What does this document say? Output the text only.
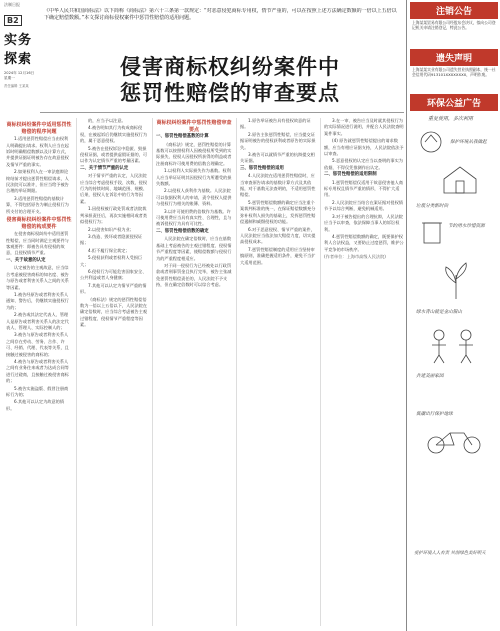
法制日报
B2
实务
探索
2024年 12月16日
星期一
责任编辑 王某某
《中华人民共和国商标法》以下简称《商标法》第六十三条第一款规定：“对恶意侵犯商标专用权，情节严重的，可以在按照上述方法确定数额的一倍以上五倍以下确定赔偿数额。”本文探讨商标侵权案件中惩罚性赔偿的适用问题。
侵害商标权纠纷案件中
惩罚性赔偿的审查要点
商标权纠纷案件中适用惩罚性赔偿的程序问题

1.适用惩罚性赔偿应当由权利人明确提出请求。权利人应当在起诉时明确赔偿数额以及计算方式，并提供证据证明被告存在故意侵权及情节严重的事实。

2.如果权利人在一审法庭辩论终结前才提出惩罚性赔偿请求，人民法院可以准许，但应当给予被告合理的举证期限。

3.适用惩罚性赔偿的基数计算，不得包括原告为制止侵权行为所支付的合理开支。

侵害商标权纠纷案件中惩罚性赔偿的构成要件

在侵害商标权纠纷中适用惩罚性赔偿，应当同时满足主观要件与客观要件：即被告具有侵权的故意，且侵权情节严重。

一、关于故意的认定

认定被告的主观故意，应当综合考虑被侵害商标的知名度、被告与原告或者利害关系人之间的关系等因素。

1.被告经原告或者利害关系人通知、警告后，仍继续实施侵权行为的；

2.被告或其法定代表人、管理人是原告或者利害关系人的法定代表人、管理人、实际控制人的；

3.被告与原告或者利害关系人之间存在劳动、劳务、合作、许可、经销、代理、代表等关系，且接触过被侵害的商标的；

4.被告与原告或者利害关系人之间有业务往来或者为达成合同等进行过磋商，且接触过被侵害商标的；

5.被告实施盗版、假冒注册商标行为的；

6.其他可以认定为故意的情形。

的，应当予以注意。

4.被告明知其行为构成商标侵权，在被起诉后仍继续实施侵权行为的，属于恶意侵权。

5.被告在侵权诉讼中隐匿、毁损侵权证据，或者提供虚假证据的，可以作为认定情节严重的考量因素。

二、关于情节严重的认定

对于情节严重的认定，人民法院应当综合考虑侵权手段、次数，侵权行为的持续时间、地域范围、规模、后果，侵权人在诉讼中的行为等因素。

1.因侵权被行政处罚或者法院裁判承担责任后，再次实施相同或者类似侵权行为；

2.以侵害知识产权为业；

3.伪造、毁坏或者隐匿侵权证据；

4.拒不履行保全裁定；

5.侵权获利或者权利人受损巨大；

6.侵权行为可能危害国家安全、公共利益或者人身健康；

7.其他可以认定为情节严重的情形。

《商标法》规定的惩罚性赔偿倍数为一倍以上五倍以下，人民法院在确定倍数时，应当综合考虑被告主观过错程度、侵权情节严重程度等因素。

商标权纠纷案件中惩罚性赔偿审查要点
一、惩罚性赔偿基数的计算

《商标法》规定，惩罚性赔偿的计算基数可以按照权利人因被侵权所受到的实际损失、侵权人因侵权所获得的利益或者注册商标许可使用费的倍数合理确定。

1.以权利人实际损失作为基数。权利人应当举证证明其因侵权行为所遭受的损失数额。

2.以侵权人获利作为基数。人民法院可以依据权利人的申请，责令侵权人提供与侵权行为相关的账簿、资料。

3.以许可使用费的倍数作为基数。许可使用费应当具有真实性、合理性，且与被诉侵权行为具有可比性。

二、惩罚性赔偿倍数的确定

人民法院在确定倍数时，应当在基数基础上考虑被告的主观过错程度、侵权情节严重程度等因素，使赔偿数额与侵权行为的严重程度相适应。

对于同一侵权行为已经被处以行政罚款或者刑事罚金且执行完毕，被告主张减免惩罚性赔偿责任的，人民法院不予支持，但在确定倍数时可以综合考虑。

1.原告举证被告具有侵权故意的证据。

2.原告主张惩罚性赔偿，应当提交证据证明被告的侵权获利或者原告的实际损失。

3.被告可以就情节严重的抗辩提交相关证据。

三、惩罚性赔偿的适用

4.人民法院在适用惩罚性赔偿时，应当审查原告请求的基数计算方式及其依据，对于基数无法查明的，不适用惩罚性赔偿。

5.惩罚性赔偿数额的确定应当注重个案裁判标准的统一，在保证赔偿数额充分弥补权利人损失的基础上，发挥惩罚性赔偿遏制和威慑侵权的功能。

6.对于恶意侵权、情节严重的案件，人民法院应当依法加大赔偿力度，切实提高侵权成本。

7.惩罚性赔偿制度的适用应当坚持审慎原则，准确把握适用条件，避免不当扩大适用范围。

3.在一审、被告应当及时就其侵权行为的实际情况进行说明，并配合人民法院查明案件事实。

(4) 原告就惩罚性赔偿提出的请求数额，应当有相应证据支持，人民法院依法予以审查。

5.恶意侵权的认定应当以查明的事实为依据，不得仅凭推测作出认定。

二、惩罚性赔偿的适用限制

1.惩罚性赔偿仅适用于故意侵害他人商标专用权且情节严重的情形，不得扩大适用。

2.人民法院应当结合在案证据对侵权情节予以综合判断，避免机械适用。

3.对于被告提出的合理抗辩，人民法院应当予以审查，依法保障当事人的诉讼权利。

4.惩罚性赔偿数额的确定，既要保护权利人合法权益，又要防止过度惩罚，维护公平竞争的市场秩序。

(作者单位：上海市高级人民法院)

注销公告
上海某某贸易有限公司经股东会决议，拟向公司登记机关申请注销登记，特此公告。
遗失声明
上海某某实业有限公司遗失营业执照副本，统一社会信用代码913101XXXXXXXX，声明作废。
环保公益广告
重复使用，多次利用
保护环境从我做起
垃圾分类新时尚
节约用水珍惜资源
绿水青山就是金山银山
共建美丽家园
低碳出行保护地球
爱护环境人人有责 共创绿色美好明天
